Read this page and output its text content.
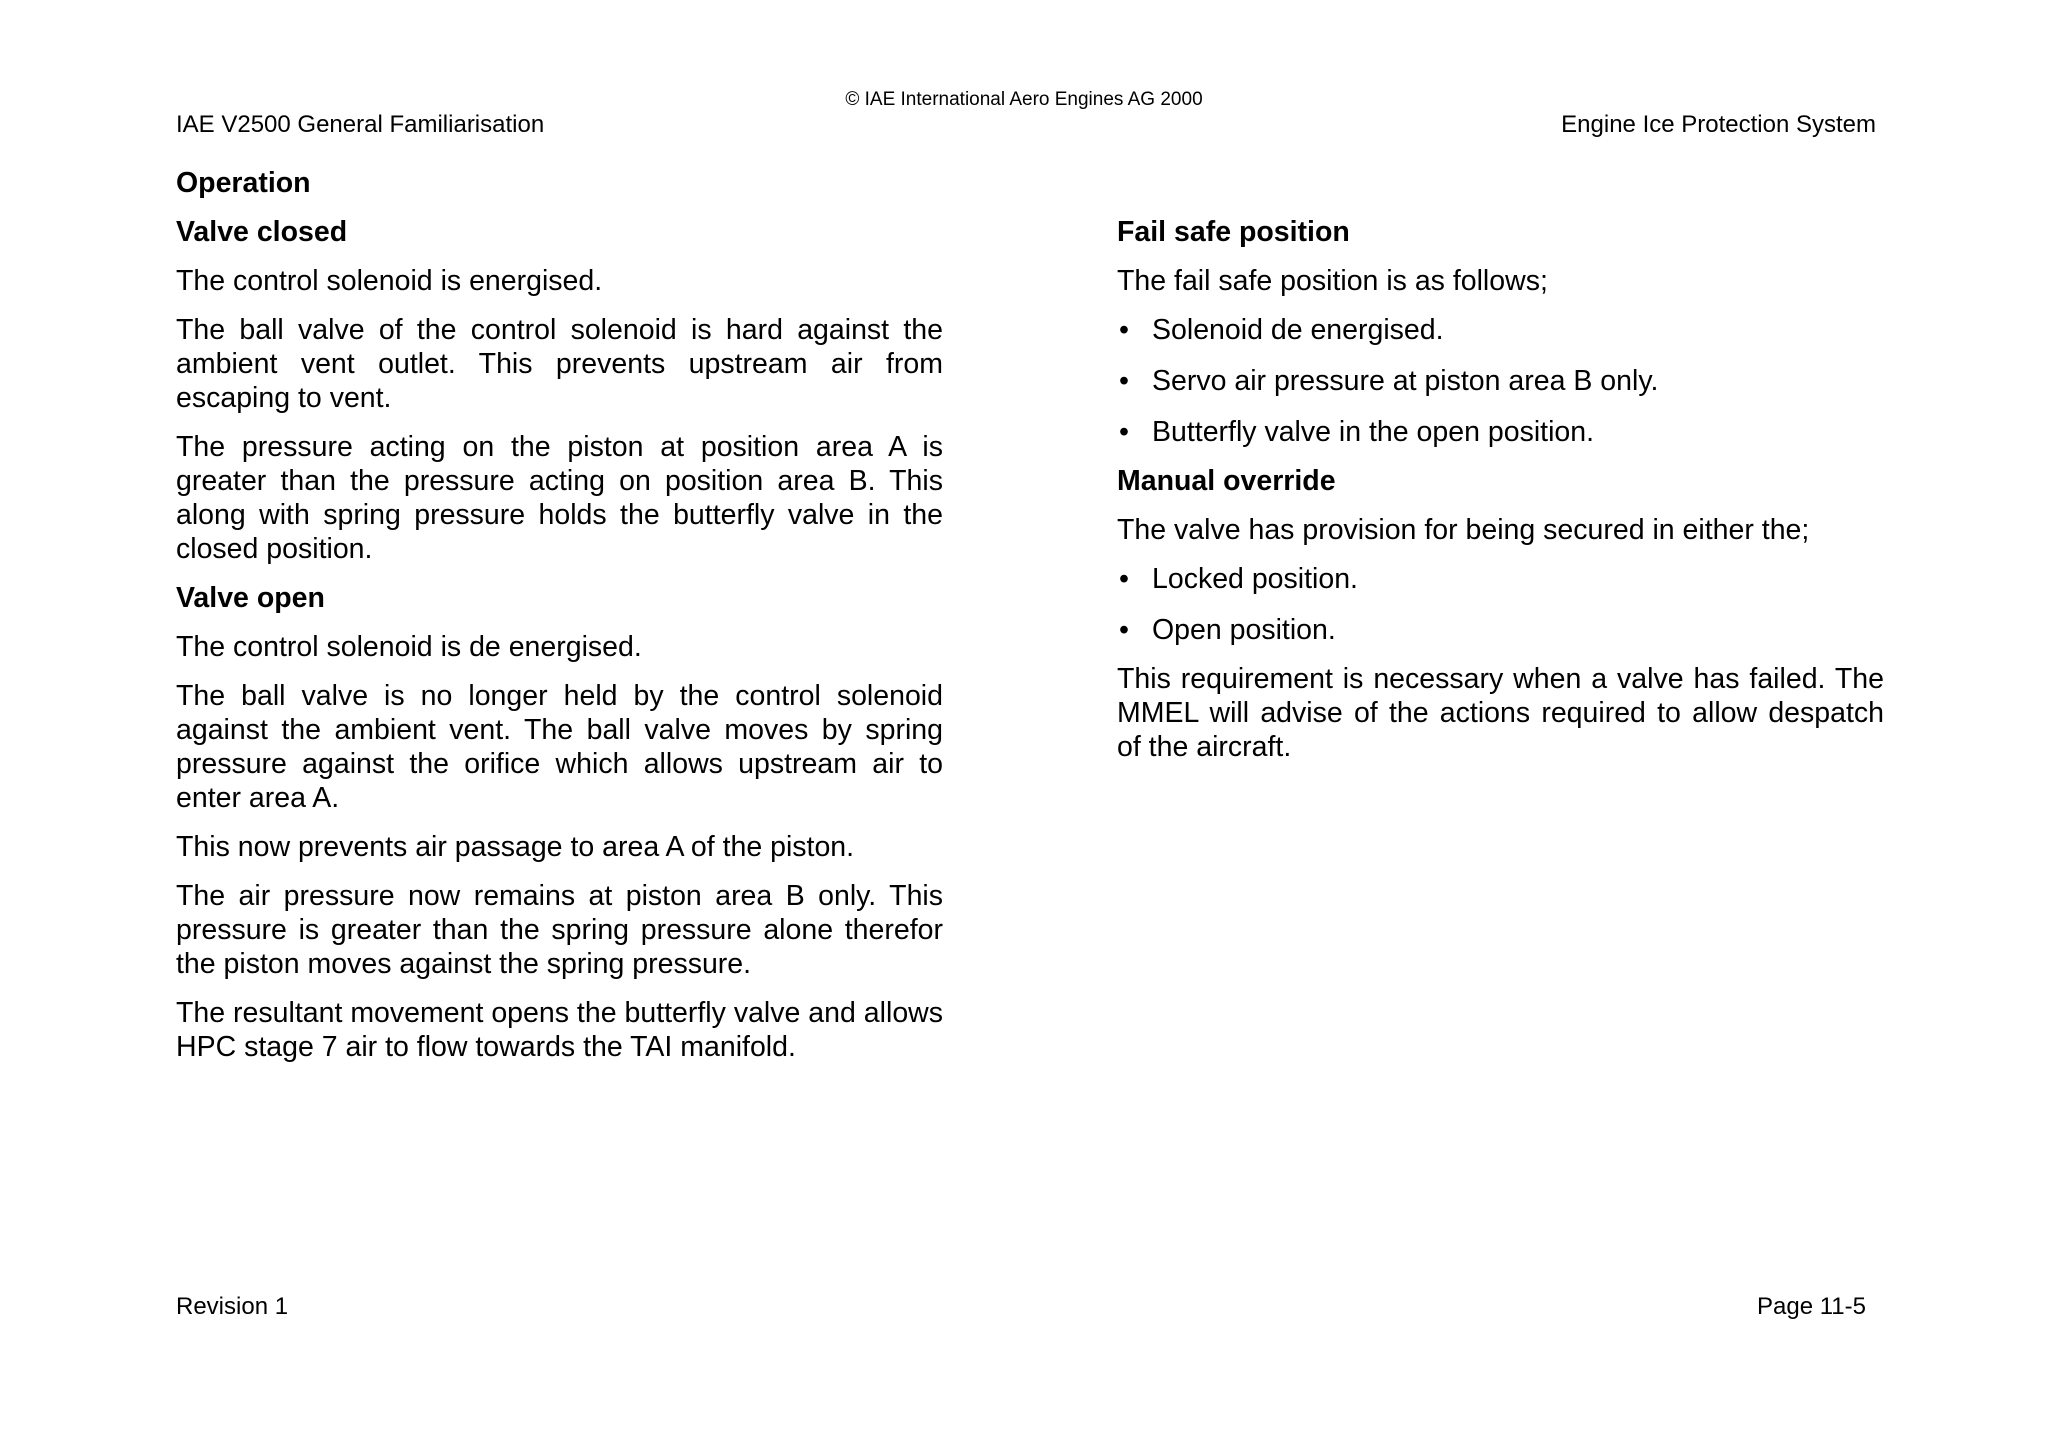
© IAE International Aero Engines AG 2000
IAE V2500 General Familiarisation	Engine Ice Protection System
Operation
Valve closed
The control solenoid is energised.
The ball valve of the control solenoid is hard against the ambient vent outlet. This prevents upstream air from escaping to vent.
The pressure acting on the piston at position area A is greater than the pressure acting on position area B. This along with spring pressure holds the butterfly valve in the closed position.
Valve open
The control solenoid is de energised.
The ball valve is no longer held by the control solenoid against the ambient vent. The ball valve moves by spring pressure against the orifice which allows upstream air to enter area A.
This now prevents air passage to area A of the piston.
The air pressure now remains at piston area B only. This pressure is greater than the spring pressure alone therefor the piston moves against the spring pressure.
The resultant movement opens the butterfly valve and allows HPC stage 7 air to flow towards the TAI manifold.
Fail safe position
The fail safe position is as follows;
• Solenoid de energised.
• Servo air pressure at piston area B only.
• Butterfly valve in the open position.
Manual override
The valve has provision for being secured in either the;
• Locked position.
• Open position.
This requirement is necessary when a valve has failed. The MMEL will advise of the actions required to allow despatch of the aircraft.
Revision 1	Page 11-5
